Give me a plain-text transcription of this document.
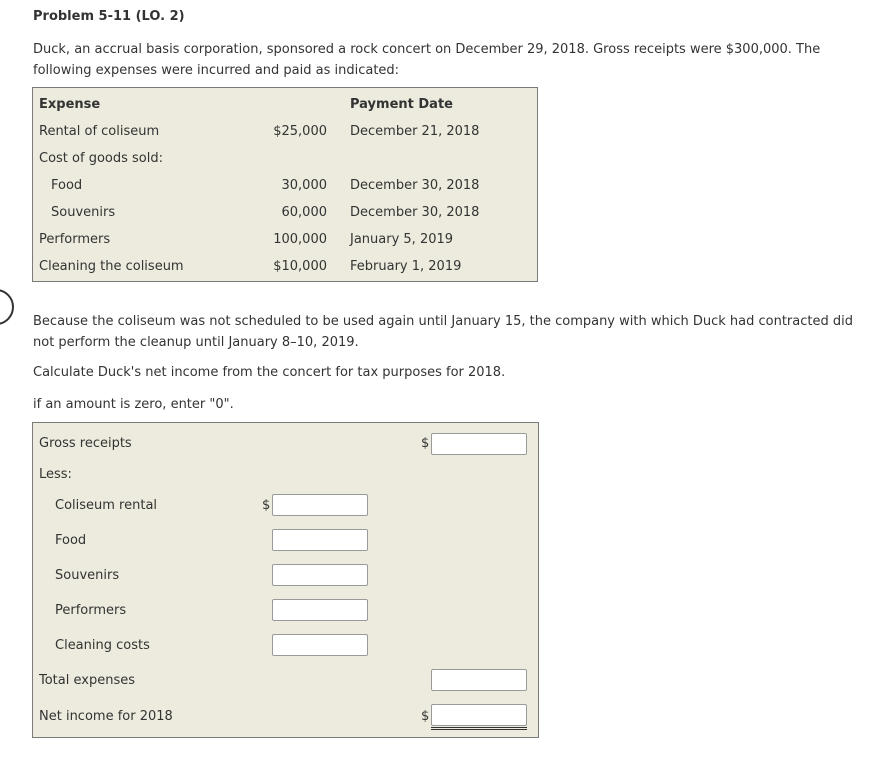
Problem 5-11 (LO. 2)
Duck, an accrual basis corporation, sponsored a rock concert on December 29, 2018. Gross receipts were $300,000. The following expenses were incurred and paid as indicated:
Expense	Payment Date
Rental of coliseum	$25,000 December 21, 2018
Cost of goods sold:
Food	30,000 December 30, 2018
Souvenirs	60,000 December 30, 2018
Performers	100,000 January 5, 2019
Cleaning the coliseum	$10,000 February 1, 2019
Because the coliseum was not scheduled to be used again until January 15, the company with which Duck had contracted did not perform the cleanup until January 8–10, 2019.
Calculate Duck's net income from the concert for tax purposes for 2018.
if an amount is zero, enter "0".
Gross receipts	$
Less:
Coliseum rental	$
Food
Souvenirs
Performers
Cleaning costs
Total expenses
Net income for 2018	$
